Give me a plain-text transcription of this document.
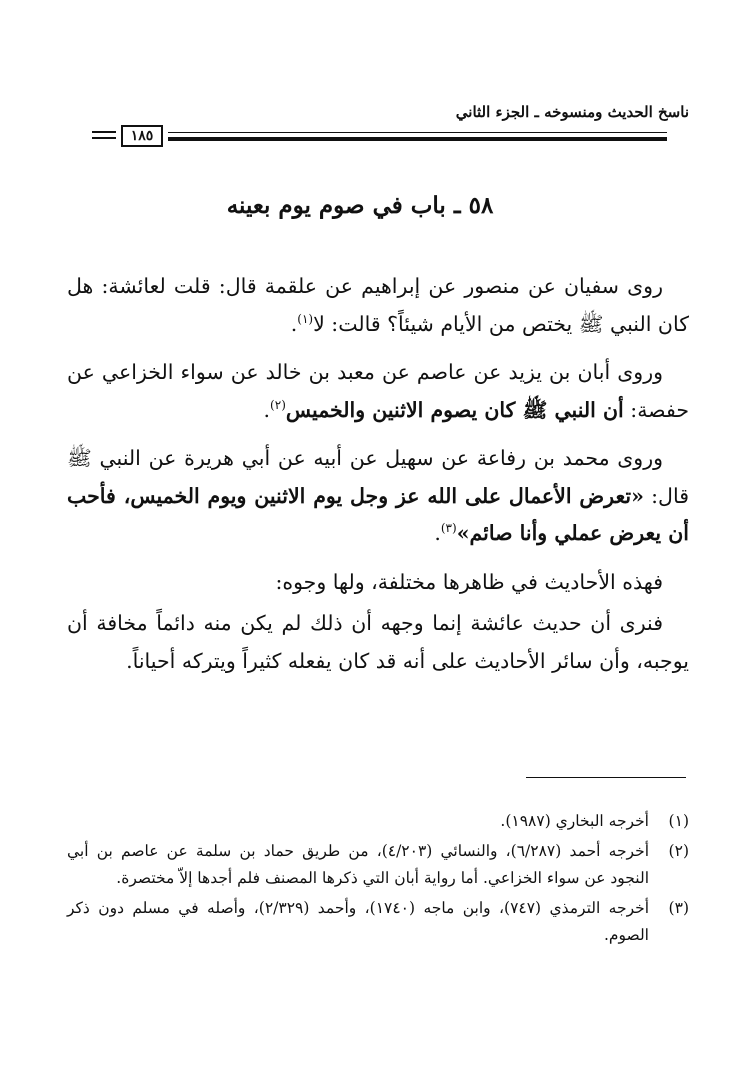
ناسخ الحديث ومنسوخه ـ الجزء الثاني
١٨٥
٥٨ ـ باب في صوم يوم بعينه

روى سفيان عن منصور عن إبراهيم عن علقمة قال: قلت لعائشة: هل كان النبي ﷺ يختص من الأيام شيئاً؟ قالت: لا$^{(١)}$.

وروى أبان بن يزيد عن عاصم عن معبد بن خالد عن سواء الخزاعي عن حفصة: أن النبي ﷺ كان يصوم الاثنين والخميس$^{(٢)}$.

وروى محمد بن رفاعة عن سهيل عن أبيه عن أبي هريرة عن النبي ﷺ قال: «تعرض الأعمال على الله عز وجل يوم الاثنين ويوم الخميس، فأحب أن يعرض عملي وأنا صائم»$^{(٣)}$.

فهذه الأحاديث في ظاهرها مختلفة، ولها وجوه:

فنرى أن حديث عائشة إنما وجهه أن ذلك لم يكن منه دائماً مخافة أن يوجبه، وأن سائر الأحاديث على أنه قد كان يفعله كثيراً ويتركه أحياناً.

(١)
أخرجه البخاري (١٩٨٧).
(٢)
أخرجه أحمد (٦/٢٨٧)، والنسائي (٤/٢٠٣)، من طريق حماد بن سلمة عن عاصم بن أبي النجود عن سواء الخزاعي. أما رواية أبان التي ذكرها المصنف فلم أجدها إلاّ مختصرة.
(٣)
أخرجه الترمذي (٧٤٧)، وابن ماجه (١٧٤٠)، وأحمد (٢/٣٢٩)، وأصله في مسلم دون ذكر الصوم.
